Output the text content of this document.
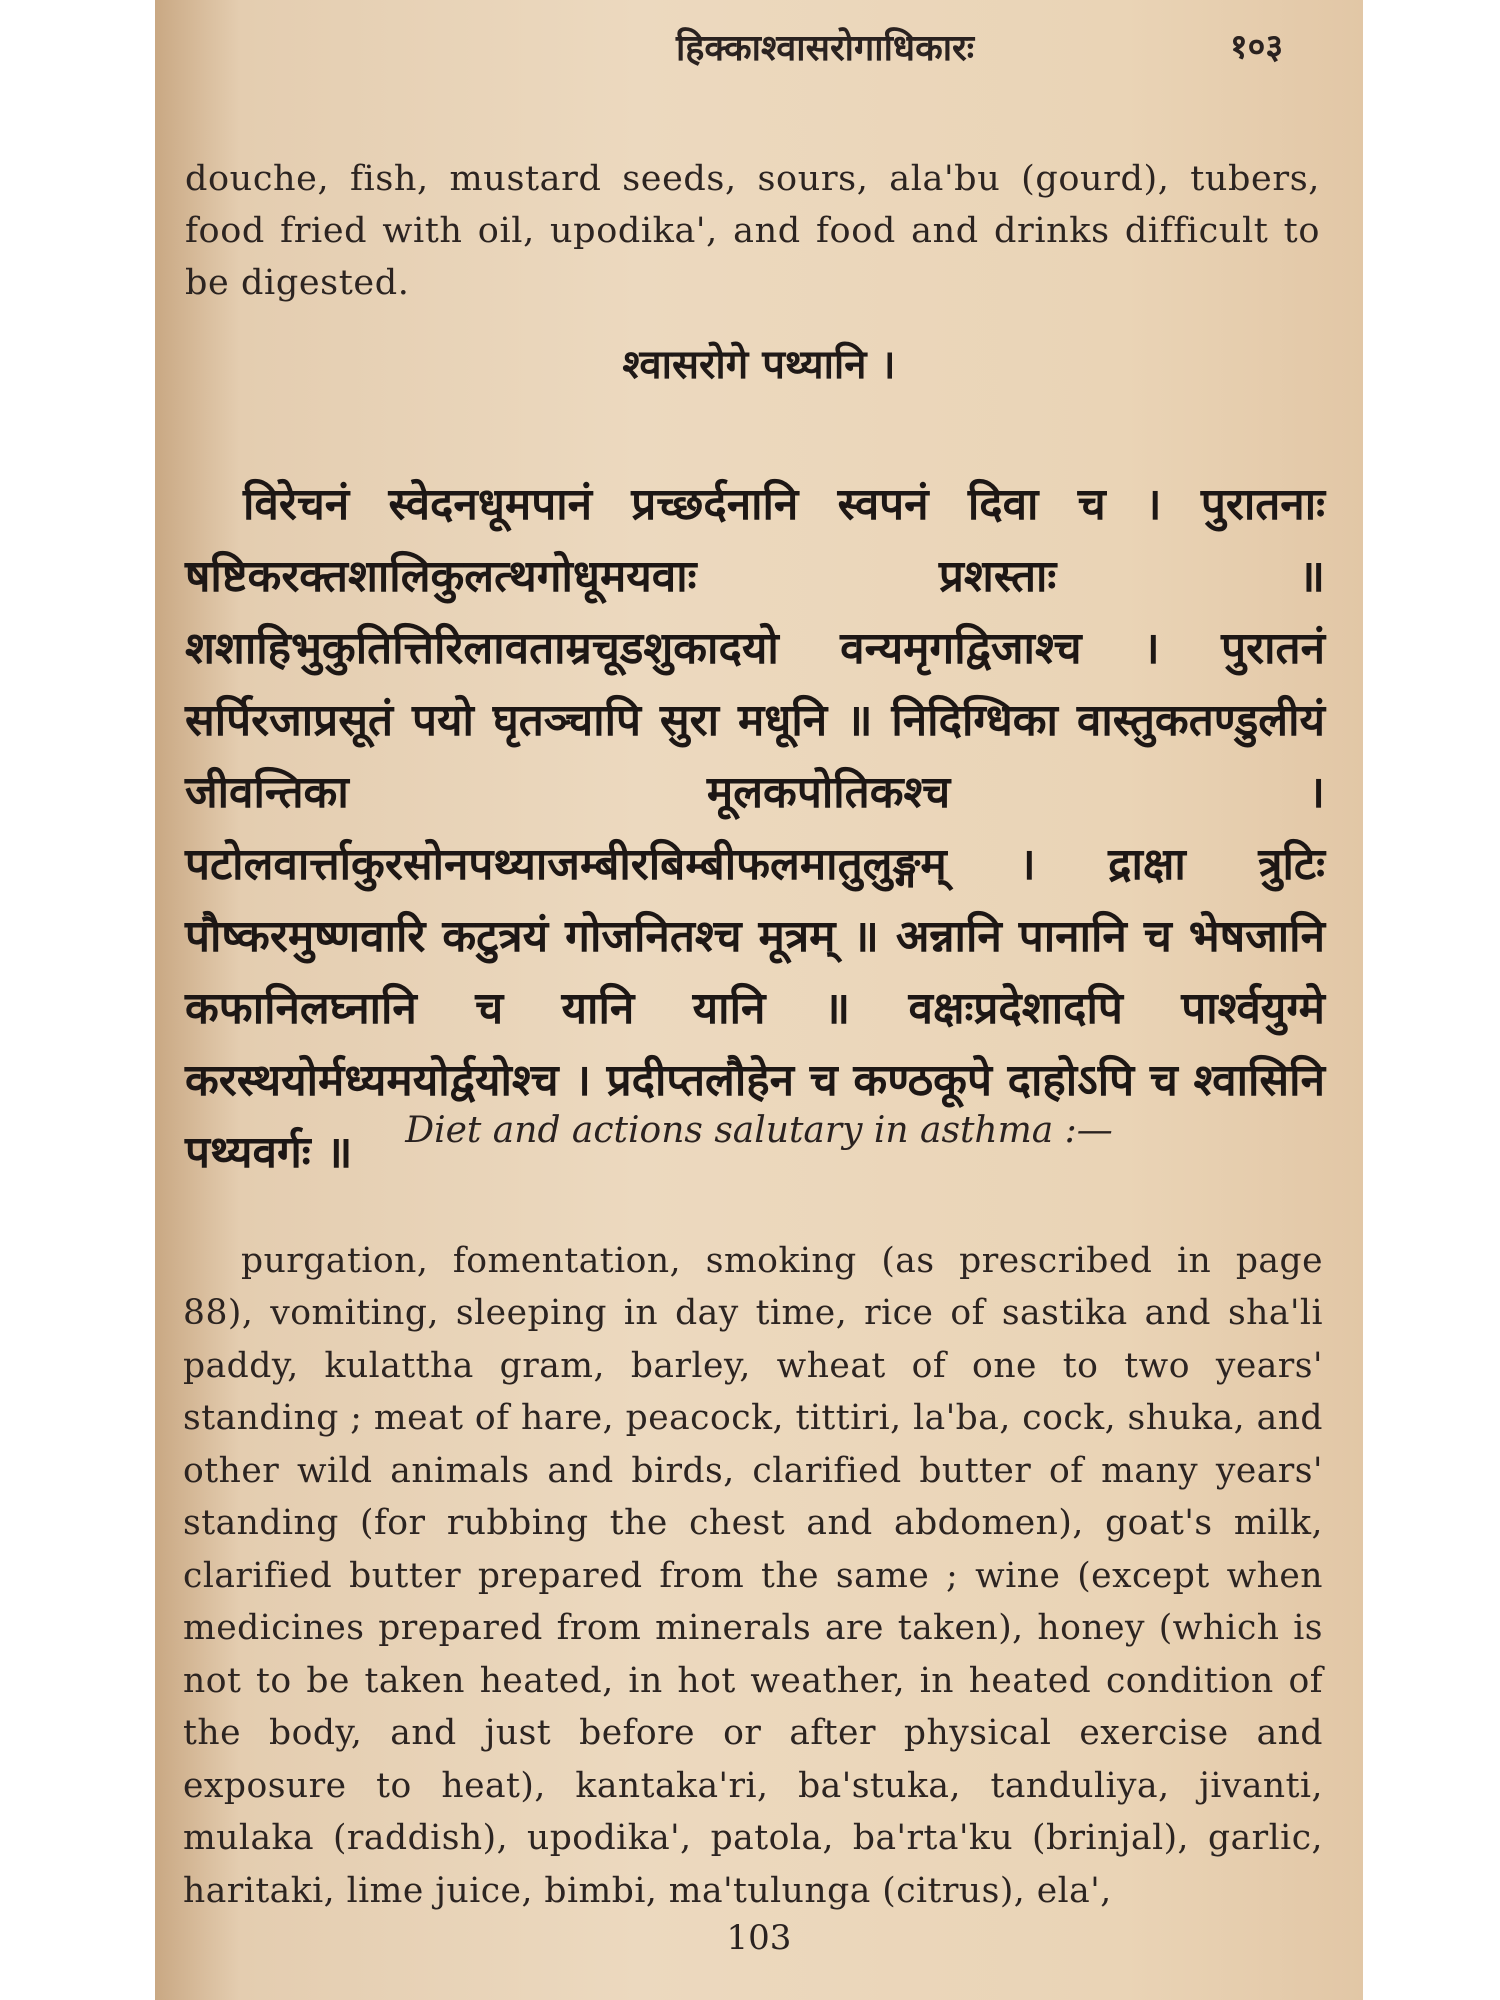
हिक्काश्वासरोगाधिकारः	१०३

douche, fish, mustard seeds, sours, ala'bu (gourd), tubers, food fried with oil, upodika', and food and drinks difficult to be digested.

श्वासरोगे पथ्यानि ।

विरेचनं स्वेदनधूमपानं प्रच्छर्दनानि स्वपनं दिवा च । पुरातनाः षष्टिकरक्तशालिकुलत्थगोधूमयवाः प्रशस्ताः ॥ शशाहिभुकुतित्तिरिलावताम्रचूडशुकादयो वन्यमृगद्विजाश्च । पुरातनं सर्पिरजाप्रसूतं पयो घृतञ्चापि सुरा मधूनि ॥ निदिग्धिका वास्तुकतण्डुलीयं जीवन्तिका मूलकपोतिकश्च । पटोलवार्त्ताकुरसोनपथ्याजम्बीरबिम्बीफलमातुलुङ्गम् । द्राक्षा त्रुटिः पौष्करमुष्णवारि कटुत्रयं गोजनितश्च मूत्रम् ॥ अन्नानि पानानि च भेषजानि कफानिलघ्नानि च यानि यानि ॥ वक्षःप्रदेशादपि पार्श्वयुग्मे करस्थयोर्मध्यमयोर्द्वयोश्च । प्रदीप्तलौहेन च कण्ठकूपे दाहोऽपि च श्वासिनि पथ्यवर्गः ॥	Diet and actions salutary in asthma :—

purgation, fomentation, smoking (as prescribed in page 88), vomiting, sleeping in day time, rice of sastika and sha'li paddy, kulattha gram, barley, wheat of one to two years' standing ; meat of hare, peacock, tittiri, la'ba, cock, shuka, and other wild animals and birds, clarified butter of many years' standing (for rubbing the chest and abdomen), goat's milk, clarified butter prepared from the same ; wine (except when medicines prepared from minerals are taken), honey (which is not to be taken heated, in hot weather, in heated condition of the body, and just before or after physical exercise and exposure to heat), kantaka'ri, ba'stuka, tanduliya, jivanti, mulaka (raddish), upodika', patola, ba'rta'ku (brinjal), garlic, haritaki, lime juice, bimbi, ma'tulunga (citrus), ela',

103
